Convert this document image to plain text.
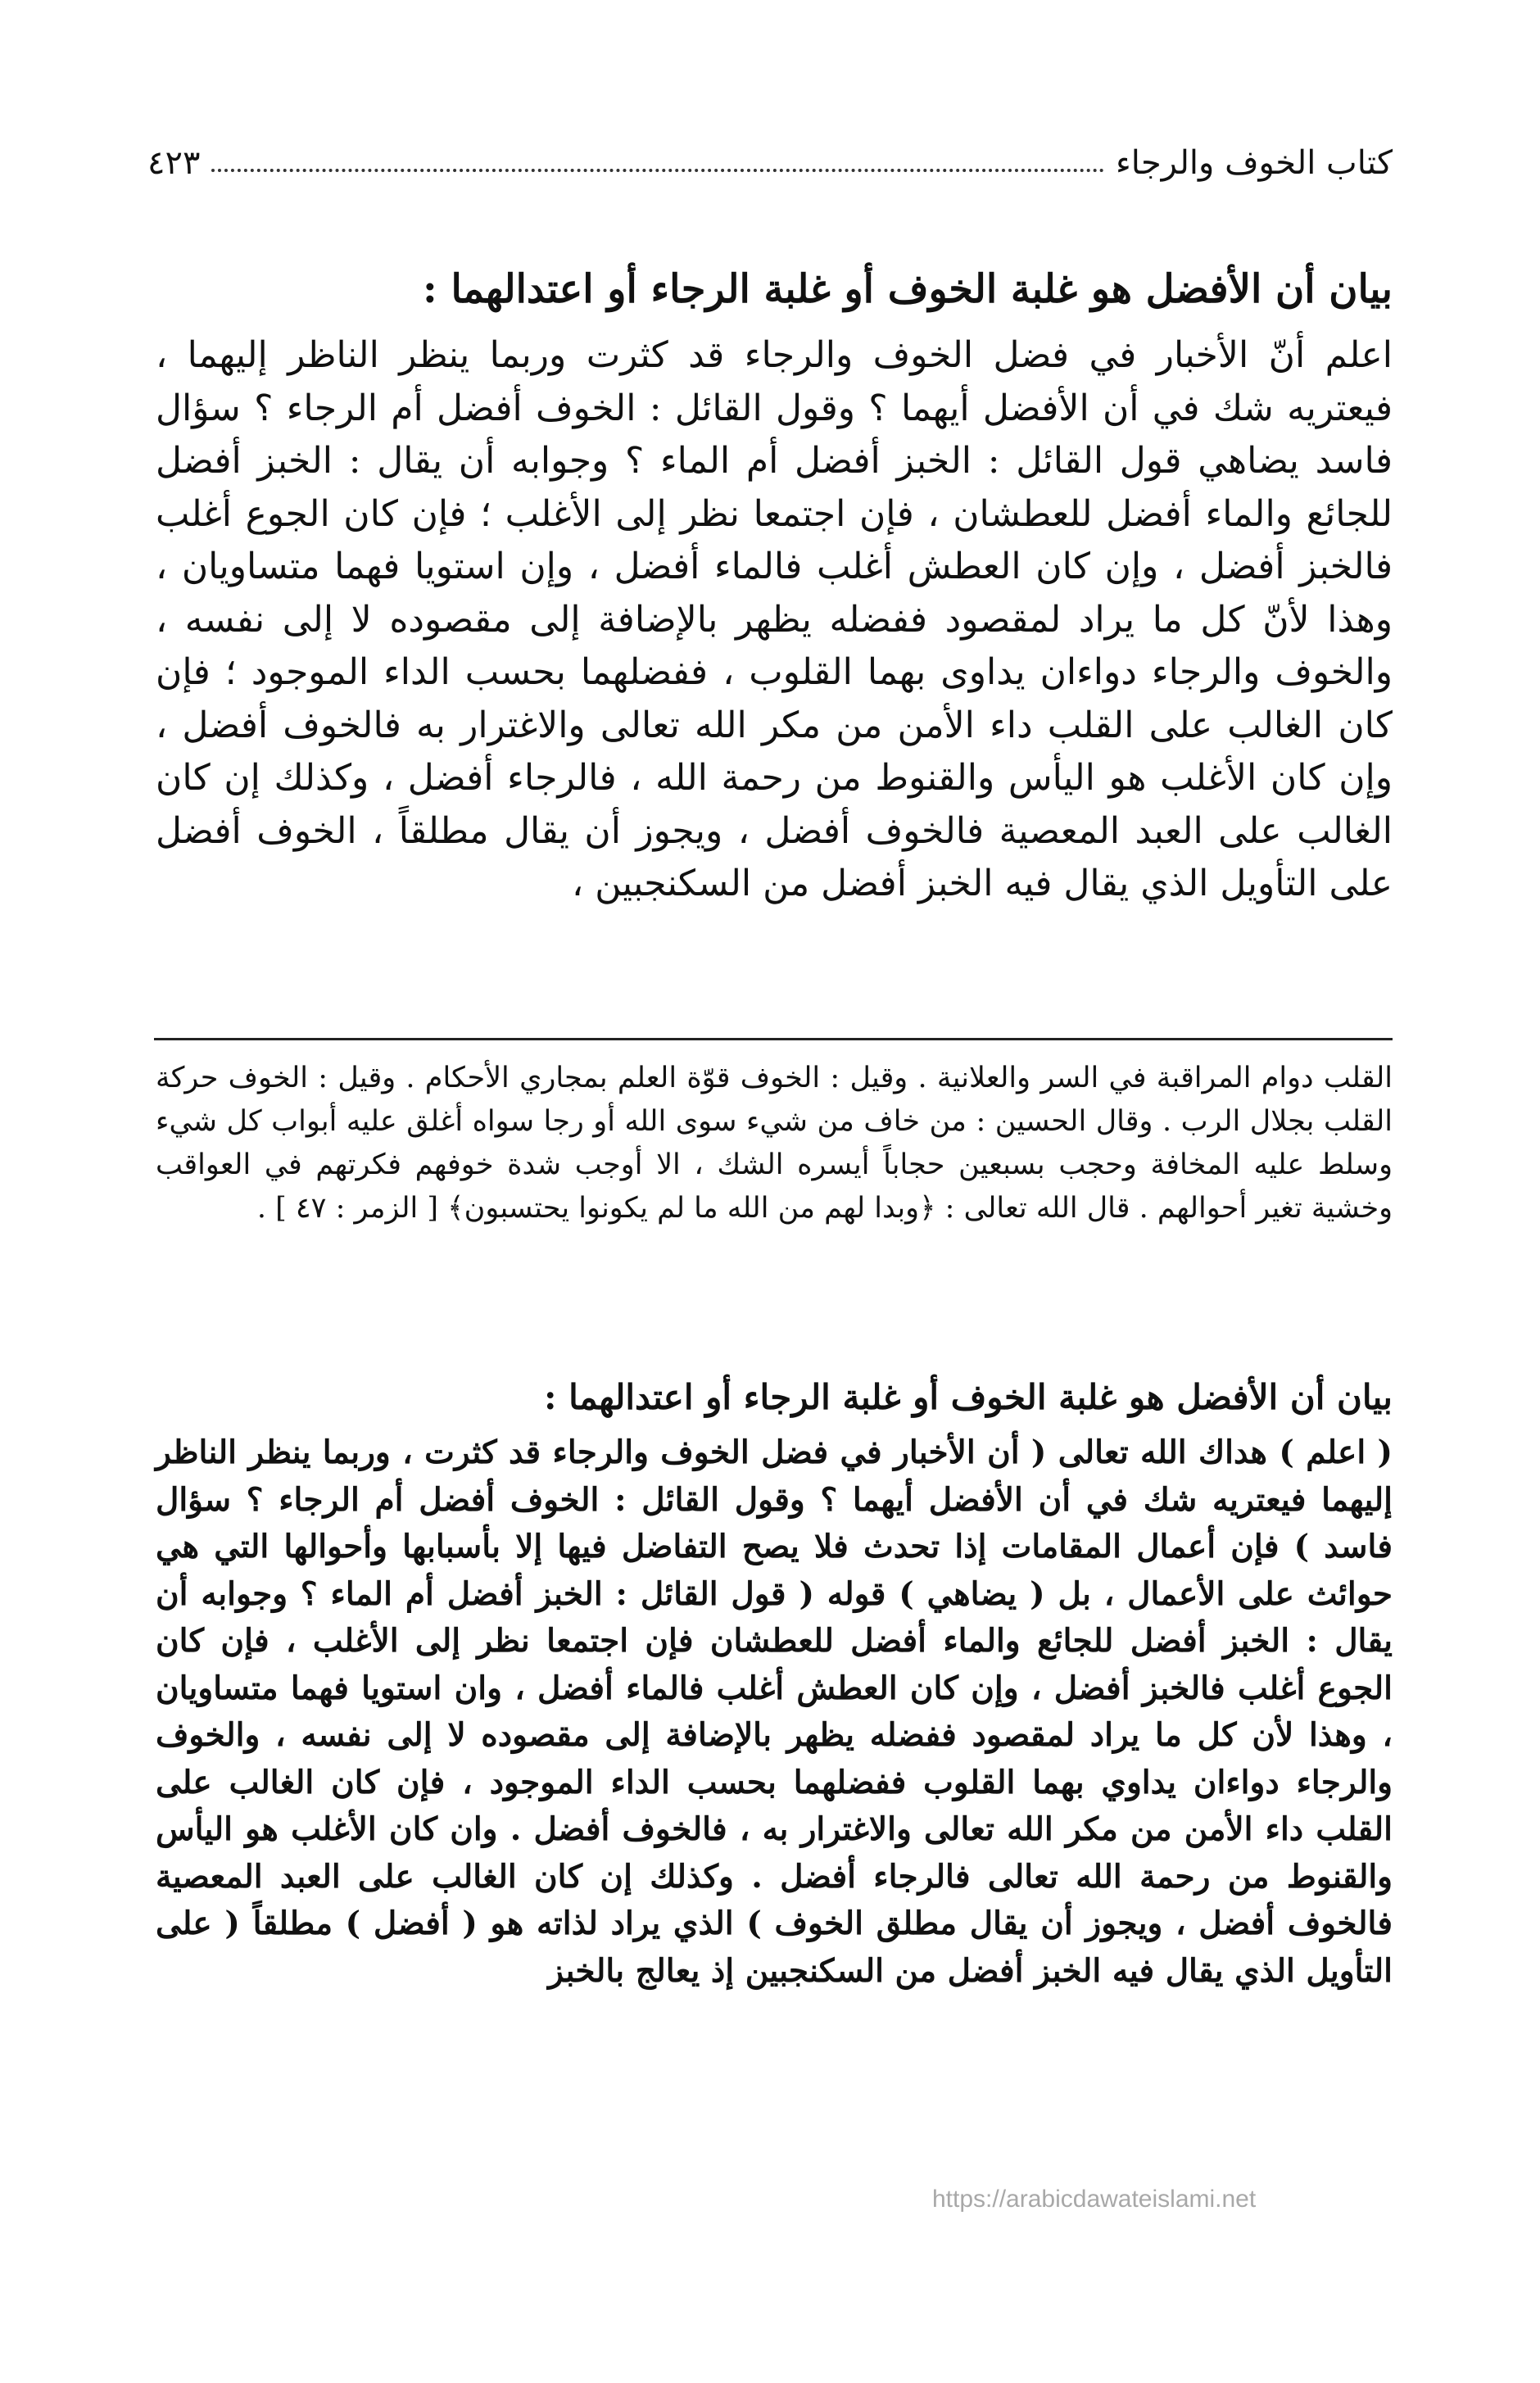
كتاب الخوف والرجاء
٤٢٣
بيان أن الأفضل هو غلبة الخوف أو غلبة الرجاء أو اعتدالهما :

اعلم أنّ الأخبار في فضل الخوف والرجاء قد كثرت وربما ينظر الناظر إليهما ، فيعتريه شك في أن الأفضل أيهما ؟ وقول القائل : الخوف أفضل أم الرجاء ؟ سؤال فاسد يضاهي قول القائل : الخبز أفضل أم الماء ؟ وجوابه أن يقال : الخبز أفضل للجائع والماء أفضل للعطشان ، فإن اجتمعا نظر إلى الأغلب ؛ فإن كان الجوع أغلب فالخبز أفضل ، وإن كان العطش أغلب فالماء أفضل ، وإن استويا فهما متساويان ، وهذا لأنّ كل ما يراد لمقصود ففضله يظهر بالإضافة إلى مقصوده لا إلى نفسه ، والخوف والرجاء دواءان يداوى بهما القلوب ، ففضلهما بحسب الداء الموجود ؛ فإن كان الغالب على القلب داء الأمن من مكر الله تعالى والاغترار به فالخوف أفضل ، وإن كان الأغلب هو اليأس والقنوط من رحمة الله ، فالرجاء أفضل ، وكذلك إن كان الغالب على العبد المعصية فالخوف أفضل ، ويجوز أن يقال مطلقاً ، الخوف أفضل على التأويل الذي يقال فيه الخبز أفضل من السكنجبين ،

القلب دوام المراقبة في السر والعلانية . وقيل : الخوف قوّة العلم بمجاري الأحكام . وقيل : الخوف حركة القلب بجلال الرب . وقال الحسين : من خاف من شيء سوى الله أو رجا سواه أغلق عليه أبواب كل شيء وسلط عليه المخافة وحجب بسبعين حجاباً أيسره الشك ، الا أوجب شدة خوفهم فكرتهم في العواقب وخشية تغير أحوالهم . قال الله تعالى : ﴿وبدا لهم من الله ما لم يكونوا يحتسبون﴾ [ الزمر : ٤٧ ] .

بيان أن الأفضل هو غلبة الخوف أو غلبة الرجاء أو اعتدالهما :

( اعلم ) هداك الله تعالى ( أن الأخبار في فضل الخوف والرجاء قد كثرت ، وربما ينظر الناظر إليهما فيعتريه شك في أن الأفضل أيهما ؟ وقول القائل : الخوف أفضل أم الرجاء ؟ سؤال فاسد ) فإن أعمال المقامات إذا تحدث فلا يصح التفاضل فيها إلا بأسبابها وأحوالها التي هي حوائث على الأعمال ، بل ( يضاهي ) قوله ( قول القائل : الخبز أفضل أم الماء ؟ وجوابه أن يقال : الخبز أفضل للجائع والماء أفضل للعطشان فإن اجتمعا نظر إلى الأغلب ، فإن كان الجوع أغلب فالخبز أفضل ، وإن كان العطش أغلب فالماء أفضل ، وان استويا فهما متساويان ، وهذا لأن كل ما يراد لمقصود ففضله يظهر بالإضافة إلى مقصوده لا إلى نفسه ، والخوف والرجاء دواءان يداوي بهما القلوب ففضلهما بحسب الداء الموجود ، فإن كان الغالب على القلب داء الأمن من مكر الله تعالى والاغترار به ، فالخوف أفضل . وان كان الأغلب هو اليأس والقنوط من رحمة الله تعالى فالرجاء أفضل . وكذلك إن كان الغالب على العبد المعصية فالخوف أفضل ، ويجوز أن يقال مطلق الخوف ) الذي يراد لذاته هو ( أفضل ) مطلقاً ( على التأويل الذي يقال فيه الخبز أفضل من السكنجبين إذ يعالج بالخبز

https://arabicdawateislami.net
